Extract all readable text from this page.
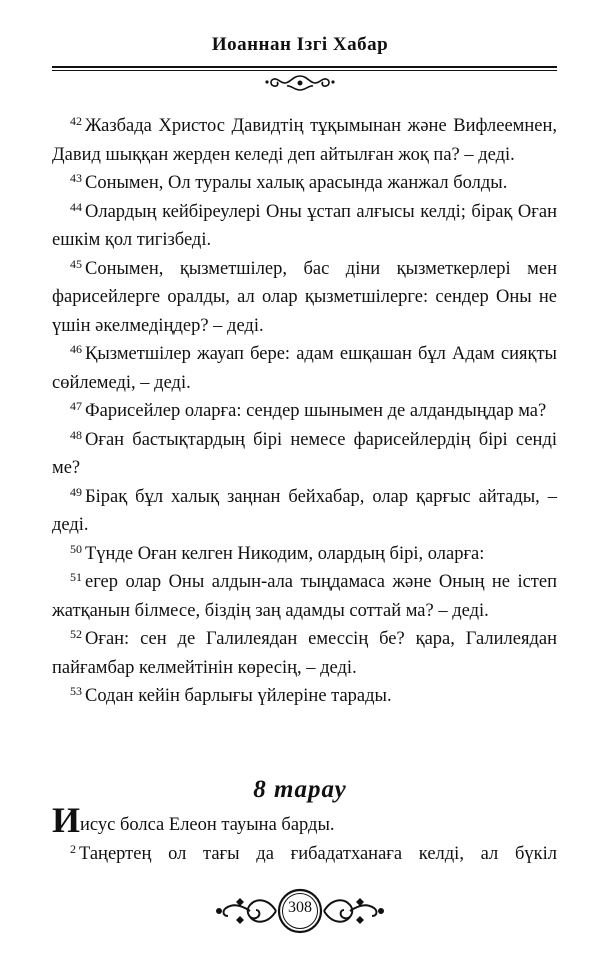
Иоаннан Ізгі Хабар

$^{42}$ Жазбада Христос Давидтің тұқымынан және Вифлеемнен, Давид шыққан жерден келеді деп айтылған жоқ па? – деді.

$^{43}$ Сонымен, Ол туралы халық арасында жанжал болды.

$^{44}$ Олардың кейбіреулері Оны ұстап алғысы келді; бірақ Оған ешкім қол тигізбеді.

$^{45}$ Сонымен, қызметшілер, бас діни қызметкерлері мен фарисейлерге оралды, ал олар қызметшілерге: сендер Оны не үшін әкелмедіңдер? – деді.

$^{46}$ Қызметшілер жауап бере: адам ешқашан бұл Адам сияқты сөйлемеді, – деді.

$^{47}$ Фарисейлер оларға: сендер шынымен де алдандыңдар ма?

$^{48}$ Оған бастықтардың бірі немесе фарисейлердің бірі сенді ме?

$^{49}$ Бірақ бұл халық заңнан бейхабар, олар қарғыс айтады, – деді.

$^{50}$ Түнде Оған келген Никодим, олардың бірі, оларға:

$^{51}$ егер олар Оны алдын-ала тыңдамаса және Оның не істеп жатқанын білмесе, біздің заң адамды соттай ма? – деді.

$^{52}$ Оған: сен де Галилеядан емессің бе? қара, Галилеядан пайғамбар келмейтінін көресің, – деді.

$^{53}$ Содан кейін барлығы үйлеріне тарады.

8 тарау

Иисус болса Елеон тауына барды.

$^2$ Таңертең ол тағы да ғибадатханаға келді, ал бүкіл

308
